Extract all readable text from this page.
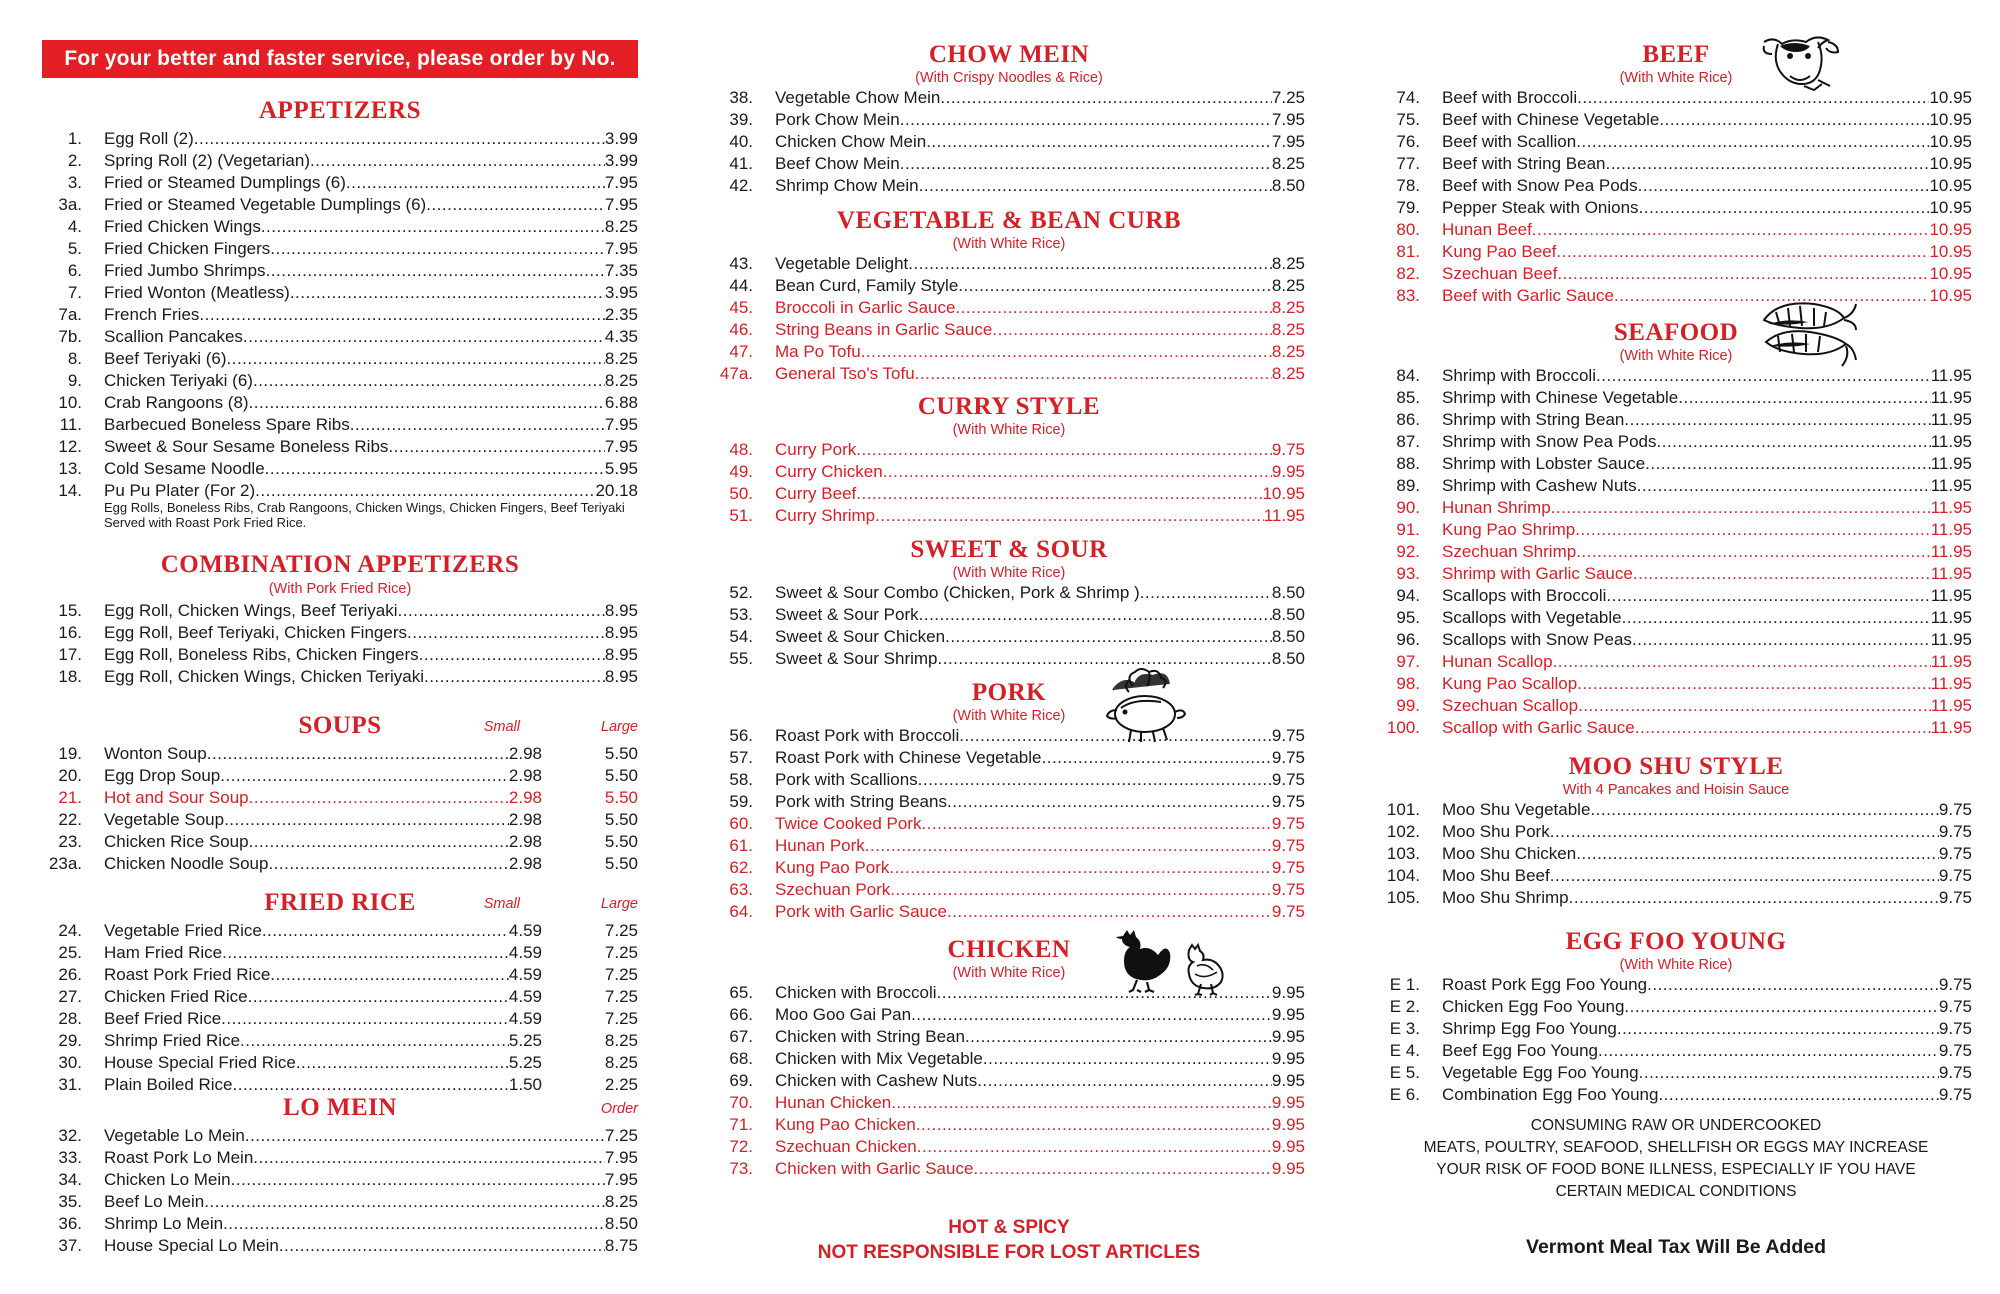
For your better and faster service, please order by No.
APPETIZERS
1. Egg Roll (2) .....	3.99
2. Spring Roll (2) (Vegetarian) .....	3.99
3. Fried or Steamed Dumplings (6) .....	7.95
3a. Fried or Steamed Vegetable Dumplings (6) .....	7.95
4. Fried Chicken Wings .....	8.25
5. Fried Chicken Fingers .....	7.95
6. Fried Jumbo Shrimps .....	7.35
7. Fried Wonton (Meatless) .....	3.95
7a. French Fries .....	2.35
7b. Scallion Pancakes .....	4.35
8. Beef Teriyaki (6) .....	8.25
9. Chicken Teriyaki (6) .....	8.25
10. Crab Rangoons (8) .....	6.88
11. Barbecued Boneless Spare Ribs .....	7.95
12. Sweet & Sour Sesame Boneless Ribs .....	7.95
13. Cold Sesame Noodle .....	5.95
14. Pu Pu Plater (For 2) .....	20.18
Egg Rolls, Boneless Ribs, Crab Rangoons, Chicken Wings, Chicken Fingers, Beef Teriyaki Served with Roast Pork Fried Rice.
COMBINATION APPETIZERS
(With Pork Fried Rice)
15. Egg Roll, Chicken Wings, Beef Teriyaki .....	8.95
16. Egg Roll, Beef Teriyaki, Chicken Fingers .....	8.95
17. Egg Roll, Boneless Ribs, Chicken Fingers .....	8.95
18. Egg Roll, Chicken Wings, Chicken Teriyaki .....	8.95
SOUPS	Small	Large
19. Wonton Soup .....	2.98	5.50
20. Egg Drop Soup .....	2.98	5.50
21. Hot and Sour Soup .....	2.98	5.50
22. Vegetable Soup .....	2.98	5.50
23. Chicken Rice Soup .....	2.98	5.50
23a. Chicken Noodle Soup .....	2.98	5.50
FRIED RICE	Small	Large
24. Vegetable Fried Rice .....	4.59	7.25
25. Ham Fried Rice .....	4.59	7.25
26. Roast Pork Fried Rice .....	4.59	7.25
27. Chicken Fried Rice .....	4.59	7.25
28. Beef Fried Rice .....	4.59	7.25
29. Shrimp Fried Rice .....	5.25	8.25
30. House Special Fried Rice .....	5.25	8.25
31. Plain Boiled Rice .....	1.50	2.25
LO MEIN	Order
32. Vegetable Lo Mein .....	7.25
33. Roast Pork Lo Mein .....	7.95
34. Chicken Lo Mein .....	7.95
35. Beef Lo Mein .....	8.25
36. Shrimp Lo Mein .....	8.50
37. House Special Lo Mein .....	8.75
CHOW MEIN
(With Crispy Noodles & Rice)
38. Vegetable Chow Mein .....	7.25
39. Pork Chow Mein .....	7.95
40. Chicken Chow Mein .....	7.95
41. Beef Chow Mein .....	8.25
42. Shrimp Chow Mein .....	8.50
VEGETABLE & BEAN CURB
(With White Rice)
43. Vegetable Delight .....	8.25
44. Bean Curd, Family Style .....	8.25
45. Broccoli in Garlic Sauce .....	8.25
46. String Beans in Garlic Sauce .....	8.25
47. Ma Po Tofu .....	8.25
47a. General Tso's Tofu .....	8.25
CURRY STYLE
(With White Rice)
48. Curry Pork .....	9.75
49. Curry Chicken .....	9.95
50. Curry Beef .....	10.95
51. Curry Shrimp .....	11.95
SWEET & SOUR
(With White Rice)
52. Sweet & Sour Combo (Chicken, Pork & Shrimp ) .....	8.50
53. Sweet & Sour Pork .....	8.50
54. Sweet & Sour Chicken .....	8.50
55. Sweet & Sour Shrimp .....	8.50
PORK
(With White Rice)
56. Roast Pork with Broccoli .....	9.75
57. Roast Pork with Chinese Vegetable .....	9.75
58. Pork with Scallions .....	9.75
59. Pork with String Beans .....	9.75
60. Twice Cooked Pork .....	9.75
61. Hunan Pork .....	9.75
62. Kung Pao Pork .....	9.75
63. Szechuan Pork .....	9.75
64. Pork with Garlic Sauce .....	9.75
CHICKEN
(With White Rice)
65. Chicken with Broccoli .....	9.95
66. Moo Goo Gai Pan .....	9.95
67. Chicken with String Bean .....	9.95
68. Chicken with Mix Vegetable .....	9.95
69. Chicken with Cashew Nuts .....	9.95
70. Hunan Chicken .....	9.95
71. Kung Pao Chicken .....	9.95
72. Szechuan Chicken .....	9.95
73. Chicken with Garlic Sauce .....	9.95
HOT & SPICY
NOT RESPONSIBLE FOR LOST ARTICLES
BEEF
(With White Rice)
74. Beef with Broccoli .....	10.95
75. Beef with Chinese Vegetable .....	10.95
76. Beef with Scallion .....	10.95
77. Beef with String Bean .....	10.95
78. Beef with Snow Pea Pods .....	10.95
79. Pepper Steak with Onions .....	10.95
80. Hunan Beef .....	10.95
81. Kung Pao Beef .....	10.95
82. Szechuan Beef .....	10.95
83. Beef with Garlic Sauce .....	10.95
SEAFOOD
(With White Rice)
84. Shrimp with Broccoli .....	11.95
85. Shrimp with Chinese Vegetable .....	11.95
86. Shrimp with String Bean .....	11.95
87. Shrimp with Snow Pea Pods .....	11.95
88. Shrimp with Lobster Sauce .....	11.95
89. Shrimp with Cashew Nuts .....	11.95
90. Hunan Shrimp .....	11.95
91. Kung Pao Shrimp .....	11.95
92. Szechuan Shrimp .....	11.95
93. Shrimp with Garlic Sauce .....	11.95
94. Scallops with Broccoli .....	11.95
95. Scallops with Vegetable .....	11.95
96. Scallops with Snow Peas .....	11.95
97. Hunan Scallop .....	11.95
98. Kung Pao Scallop .....	11.95
99. Szechuan Scallop .....	11.95
100. Scallop with Garlic Sauce .....	11.95
MOO SHU STYLE
With 4 Pancakes and Hoisin Sauce
101. Moo Shu Vegetable .....	9.75
102. Moo Shu Pork .....	9.75
103. Moo Shu Chicken .....	9.75
104. Moo Shu Beef .....	9.75
105. Moo Shu Shrimp .....	9.75
EGG FOO YOUNG
(With White Rice)
E 1. Roast Pork Egg Foo Young .....	9.75
E 2. Chicken Egg Foo Young .....	9.75
E 3. Shrimp Egg Foo Young .....	9.75
E 4. Beef Egg Foo Young .....	9.75
E 5. Vegetable Egg Foo Young .....	9.75
E 6. Combination Egg Foo Young .....	9.75
CONSUMING RAW OR UNDERCOOKED
MEATS, POULTRY, SEAFOOD, SHELLFISH OR EGGS MAY INCREASE
YOUR RISK OF FOOD BONE ILLNESS, ESPECIALLY IF YOU HAVE
CERTAIN MEDICAL CONDITIONS
Vermont Meal Tax Will Be Added
